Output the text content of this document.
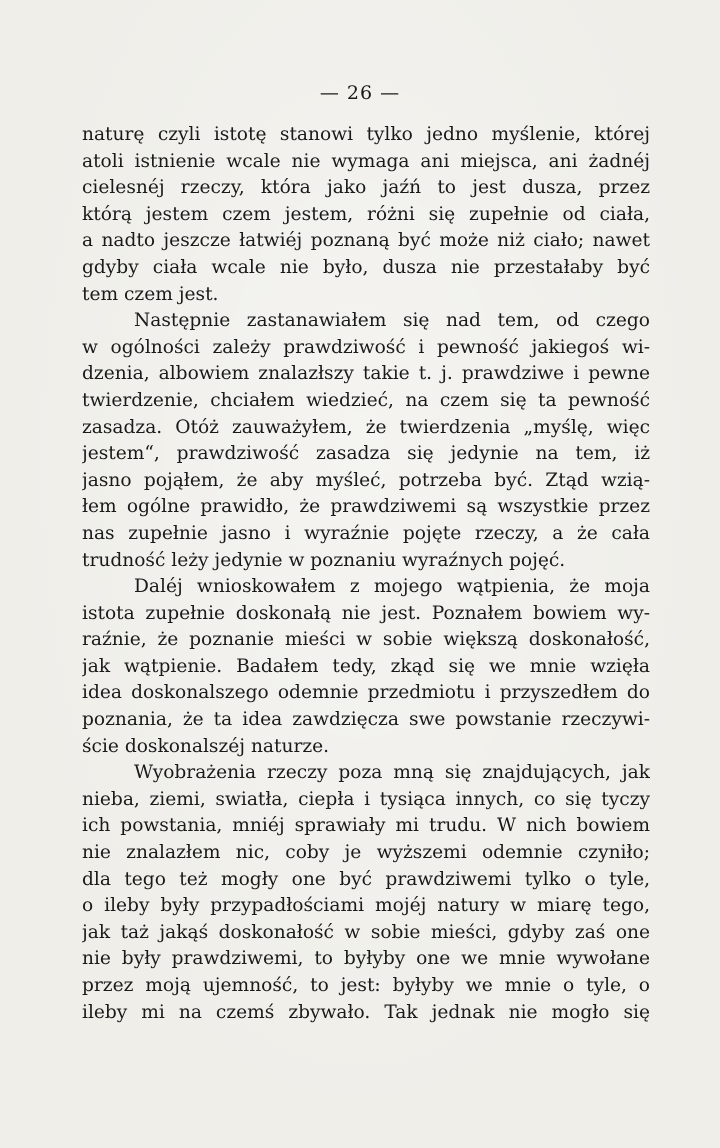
— 26 —
naturę czyli istotę stanowi tylko jedno myślenie, której
atoli istnienie wcale nie wymaga ani miejsca, ani żadnéj
cielesnéj rzeczy, która jako jaźń to jest dusza, przez
którą jestem czem jestem, różni się zupełnie od ciała,
a nadto jeszcze łatwiéj poznaną być może niż ciało; nawet
gdyby ciała wcale nie było, dusza nie przestałaby być
tem czem jest.
Następnie zastanawiałem się nad tem, od czego
w ogólności zależy prawdziwość i pewność jakiegoś wi-
dzenia, albowiem znalazłszy takie t. j. prawdziwe i pewne
twierdzenie, chciałem wiedzieć, na czem się ta pewność
zasadza. Otóż zauważyłem, że twierdzenia „myślę, więc
jestem“, prawdziwość zasadza się jedynie na tem, iż
jasno pojąłem, że aby myśleć, potrzeba być. Ztąd wzią-
łem ogólne prawidło, że prawdziwemi są wszystkie przez
nas zupełnie jasno i wyraźnie pojęte rzeczy, a że cała
trudność leży jedynie w poznaniu wyraźnych pojęć.
Daléj wnioskowałem z mojego wątpienia, że moja
istota zupełnie doskonałą nie jest. Poznałem bowiem wy-
raźnie, że poznanie mieści w sobie większą doskonałość,
jak wątpienie. Badałem tedy, zkąd się we mnie wzięła
idea doskonalszego odemnie przedmiotu i przyszedłem do
poznania, że ta idea zawdzięcza swe powstanie rzeczywi-
ście doskonalszéj naturze.
Wyobrażenia rzeczy poza mną się znajdujących, jak
nieba, ziemi, swiatła, ciepła i tysiąca innych, co się tyczy
ich powstania, mniéj sprawiały mi trudu. W nich bowiem
nie znalazłem nic, coby je wyższemi odemnie czyniło;
dla tego też mogły one być prawdziwemi tylko o tyle,
o ileby były przypadłościami mojéj natury w miarę tego,
jak taż jakąś doskonałość w sobie mieści, gdyby zaś one
nie były prawdziwemi, to byłyby one we mnie wywołane
przez moją ujemność, to jest: byłyby we mnie o tyle, o
ileby mi na czemś zbywało. Tak jednak nie mogło się
